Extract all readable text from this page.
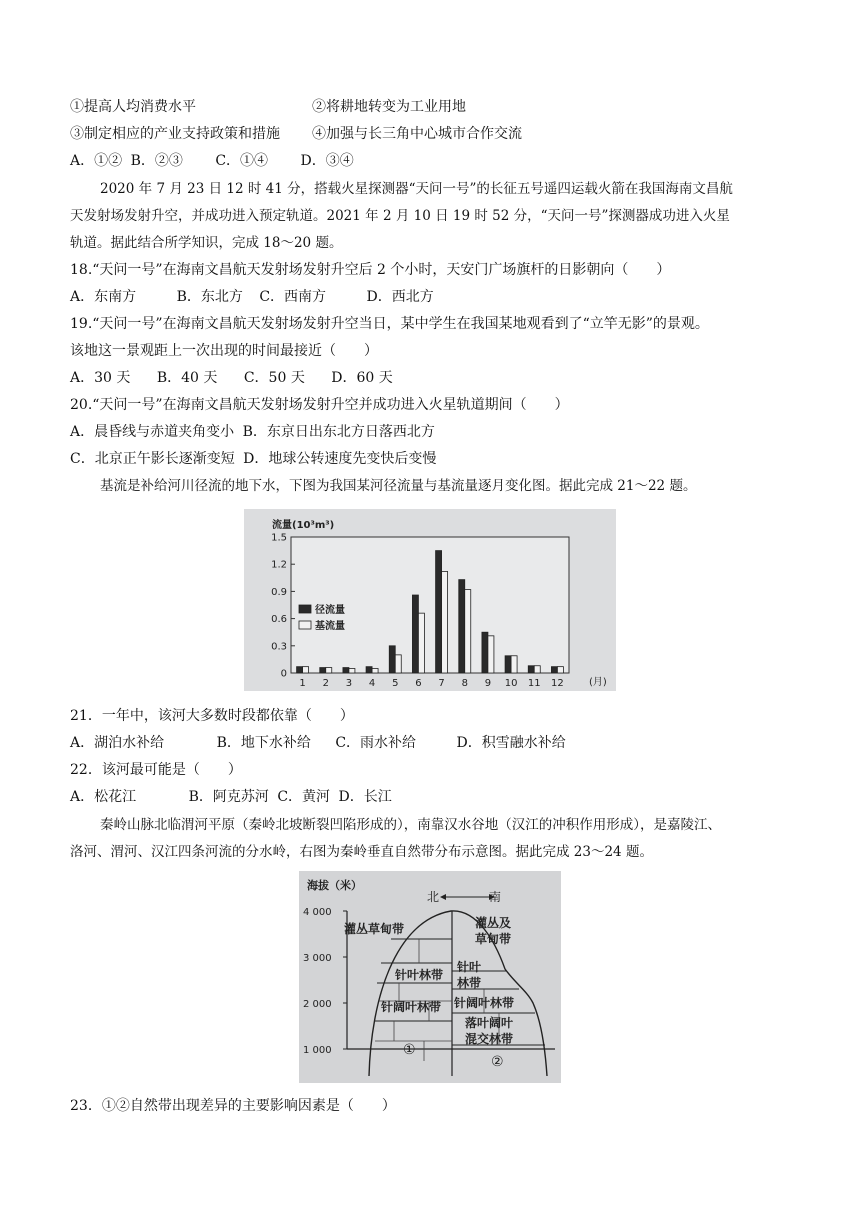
①提高人均消费水平	②将耕地转变为工业用地
③制定相应的产业支持政策和措施 ④加强与长三角中心城市合作交流
A．①② B．②③ C．①④ D．③④
2020 年 7 月 23 日 12 时 41 分，搭载火星探测器“天问一号”的长征五号遥四运载火箭在我国海南文昌航
天发射场发射升空，并成功进入预定轨道。2021 年 2 月 10 日 19 时 52 分，“天问一号”探测器成功进入火星
轨道。据此结合所学知识，完成 18～20 题。
18.“天问一号”在海南文昌航天发射场发射升空后 2 个小时，天安门广场旗杆的日影朝向（　　）
A．东南方	B．东北方 C．西南方	D．西北方
19.“天问一号”在海南文昌航天发射场发射升空当日，某中学生在我国某地观看到了“立竿无影”的景观。
该地这一景观距上一次出现的时间最接近（　　）
A．30 天 B．40 天 C．50 天 D．60 天
20.“天问一号”在海南文昌航天发射场发射升空并成功进入火星轨道期间（　　）
A．晨昏线与赤道夹角变小 B．东京日出东北方日落西北方
C．北京正午影长逐渐变短 D．地球公转速度先变快后变慢
基流是补给河川径流的地下水，下图为我国某河径流量与基流量逐月变化图。据此完成 21～22 题。
0
0.3
0.6
0.9
1.2
1.5
1 2 3 4 5 6 7 8 9 10 11 12
径流量
基流量
流量(10³m³)
(月)
21．一年中，该河大多数时段都依靠（　　）
A．湖泊水补给	B．地下水补给 C．雨水补给	D．积雪融水补给
22．该河最可能是（　　）
A．松花江	B．阿克苏河 C．黄河 D．长江
秦岭山脉北临渭河平原（秦岭北坡断裂凹陷形成的），南靠汉水谷地（汉江的冲积作用形成），是嘉陵江、
洛河、渭河、汉江四条河流的分水岭，右图为秦岭垂直自然带分布示意图。据此完成 23～24 题。
海拔（米）
4 000
3 000
2 000
1 000
北	南
灌丛草甸带
针叶林带
针阔叶林带
①
灌丛及
草甸带
针叶
林带
针阔叶林带
落叶阔叶
混交林带
②
23．①②自然带出现差异的主要影响因素是（　　）
